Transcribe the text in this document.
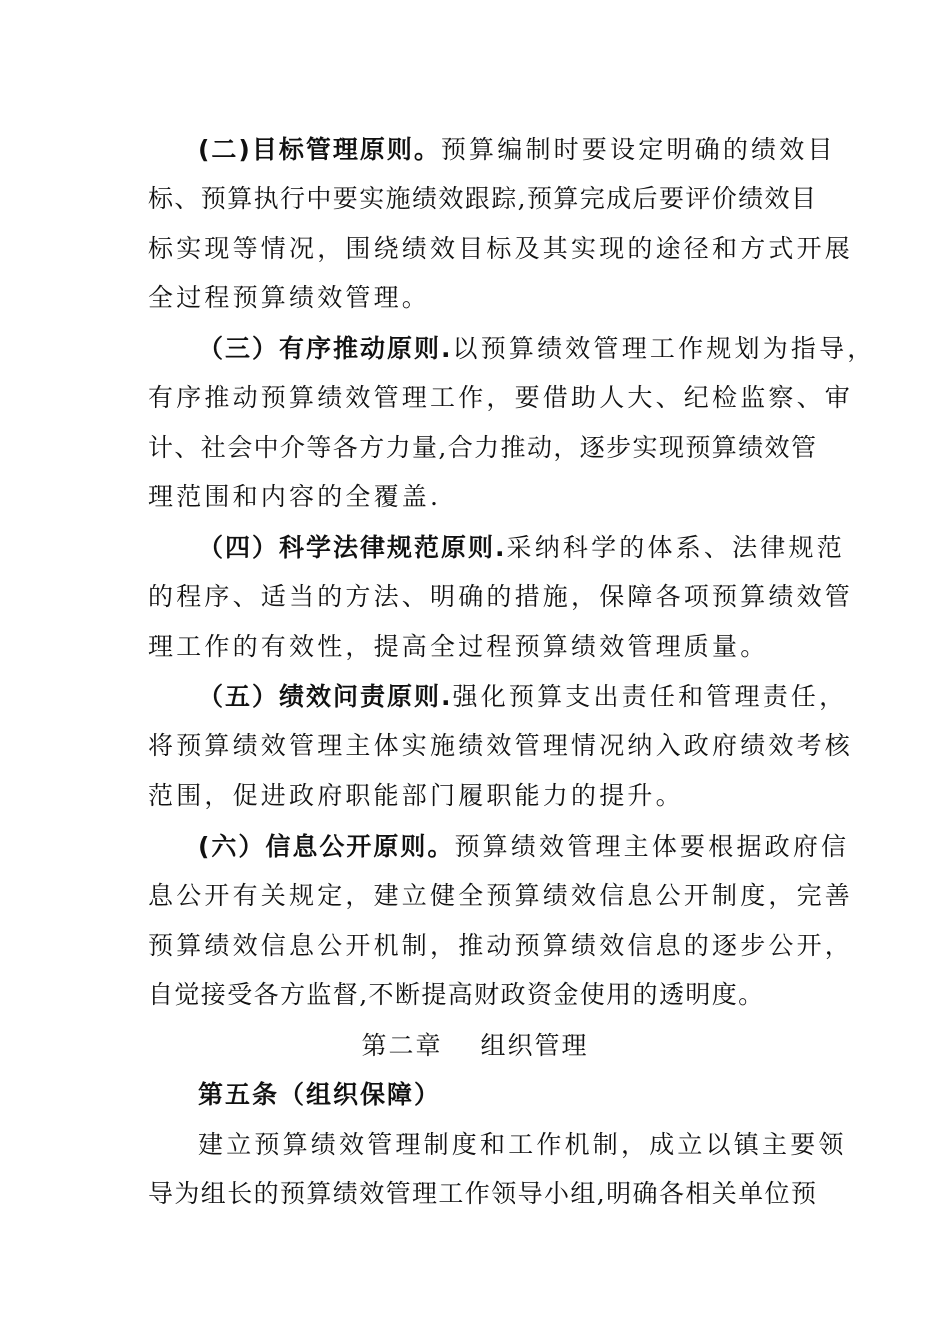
(二)目标管理原则。预算编制时要设定明确的绩效目
标、预算执行中要实施绩效跟踪,预算完成后要评价绩效目
标实现等情况，围绕绩效目标及其实现的途径和方式开展
全过程预算绩效管理。
（三）有序推动原则.以预算绩效管理工作规划为指导，
有序推动预算绩效管理工作，要借助人大、纪检监察、审
计、社会中介等各方力量,合力推动，逐步实现预算绩效管
理范围和内容的全覆盖.
（四）科学法律规范原则.采纳科学的体系、法律规范
的程序、适当的方法、明确的措施，保障各项预算绩效管
理工作的有效性，提高全过程预算绩效管理质量。
（五）绩效问责原则.强化预算支出责任和管理责任，
将预算绩效管理主体实施绩效管理情况纳入政府绩效考核
范围，促进政府职能部门履职能力的提升。
(六）信息公开原则。预算绩效管理主体要根据政府信
息公开有关规定，建立健全预算绩效信息公开制度，完善
预算绩效信息公开机制，推动预算绩效信息的逐步公开，
自觉接受各方监督,不断提高财政资金使用的透明度。
第二章 组织管理
第五条（组织保障）
建立预算绩效管理制度和工作机制，成立以镇主要领
导为组长的预算绩效管理工作领导小组,明确各相关单位预
